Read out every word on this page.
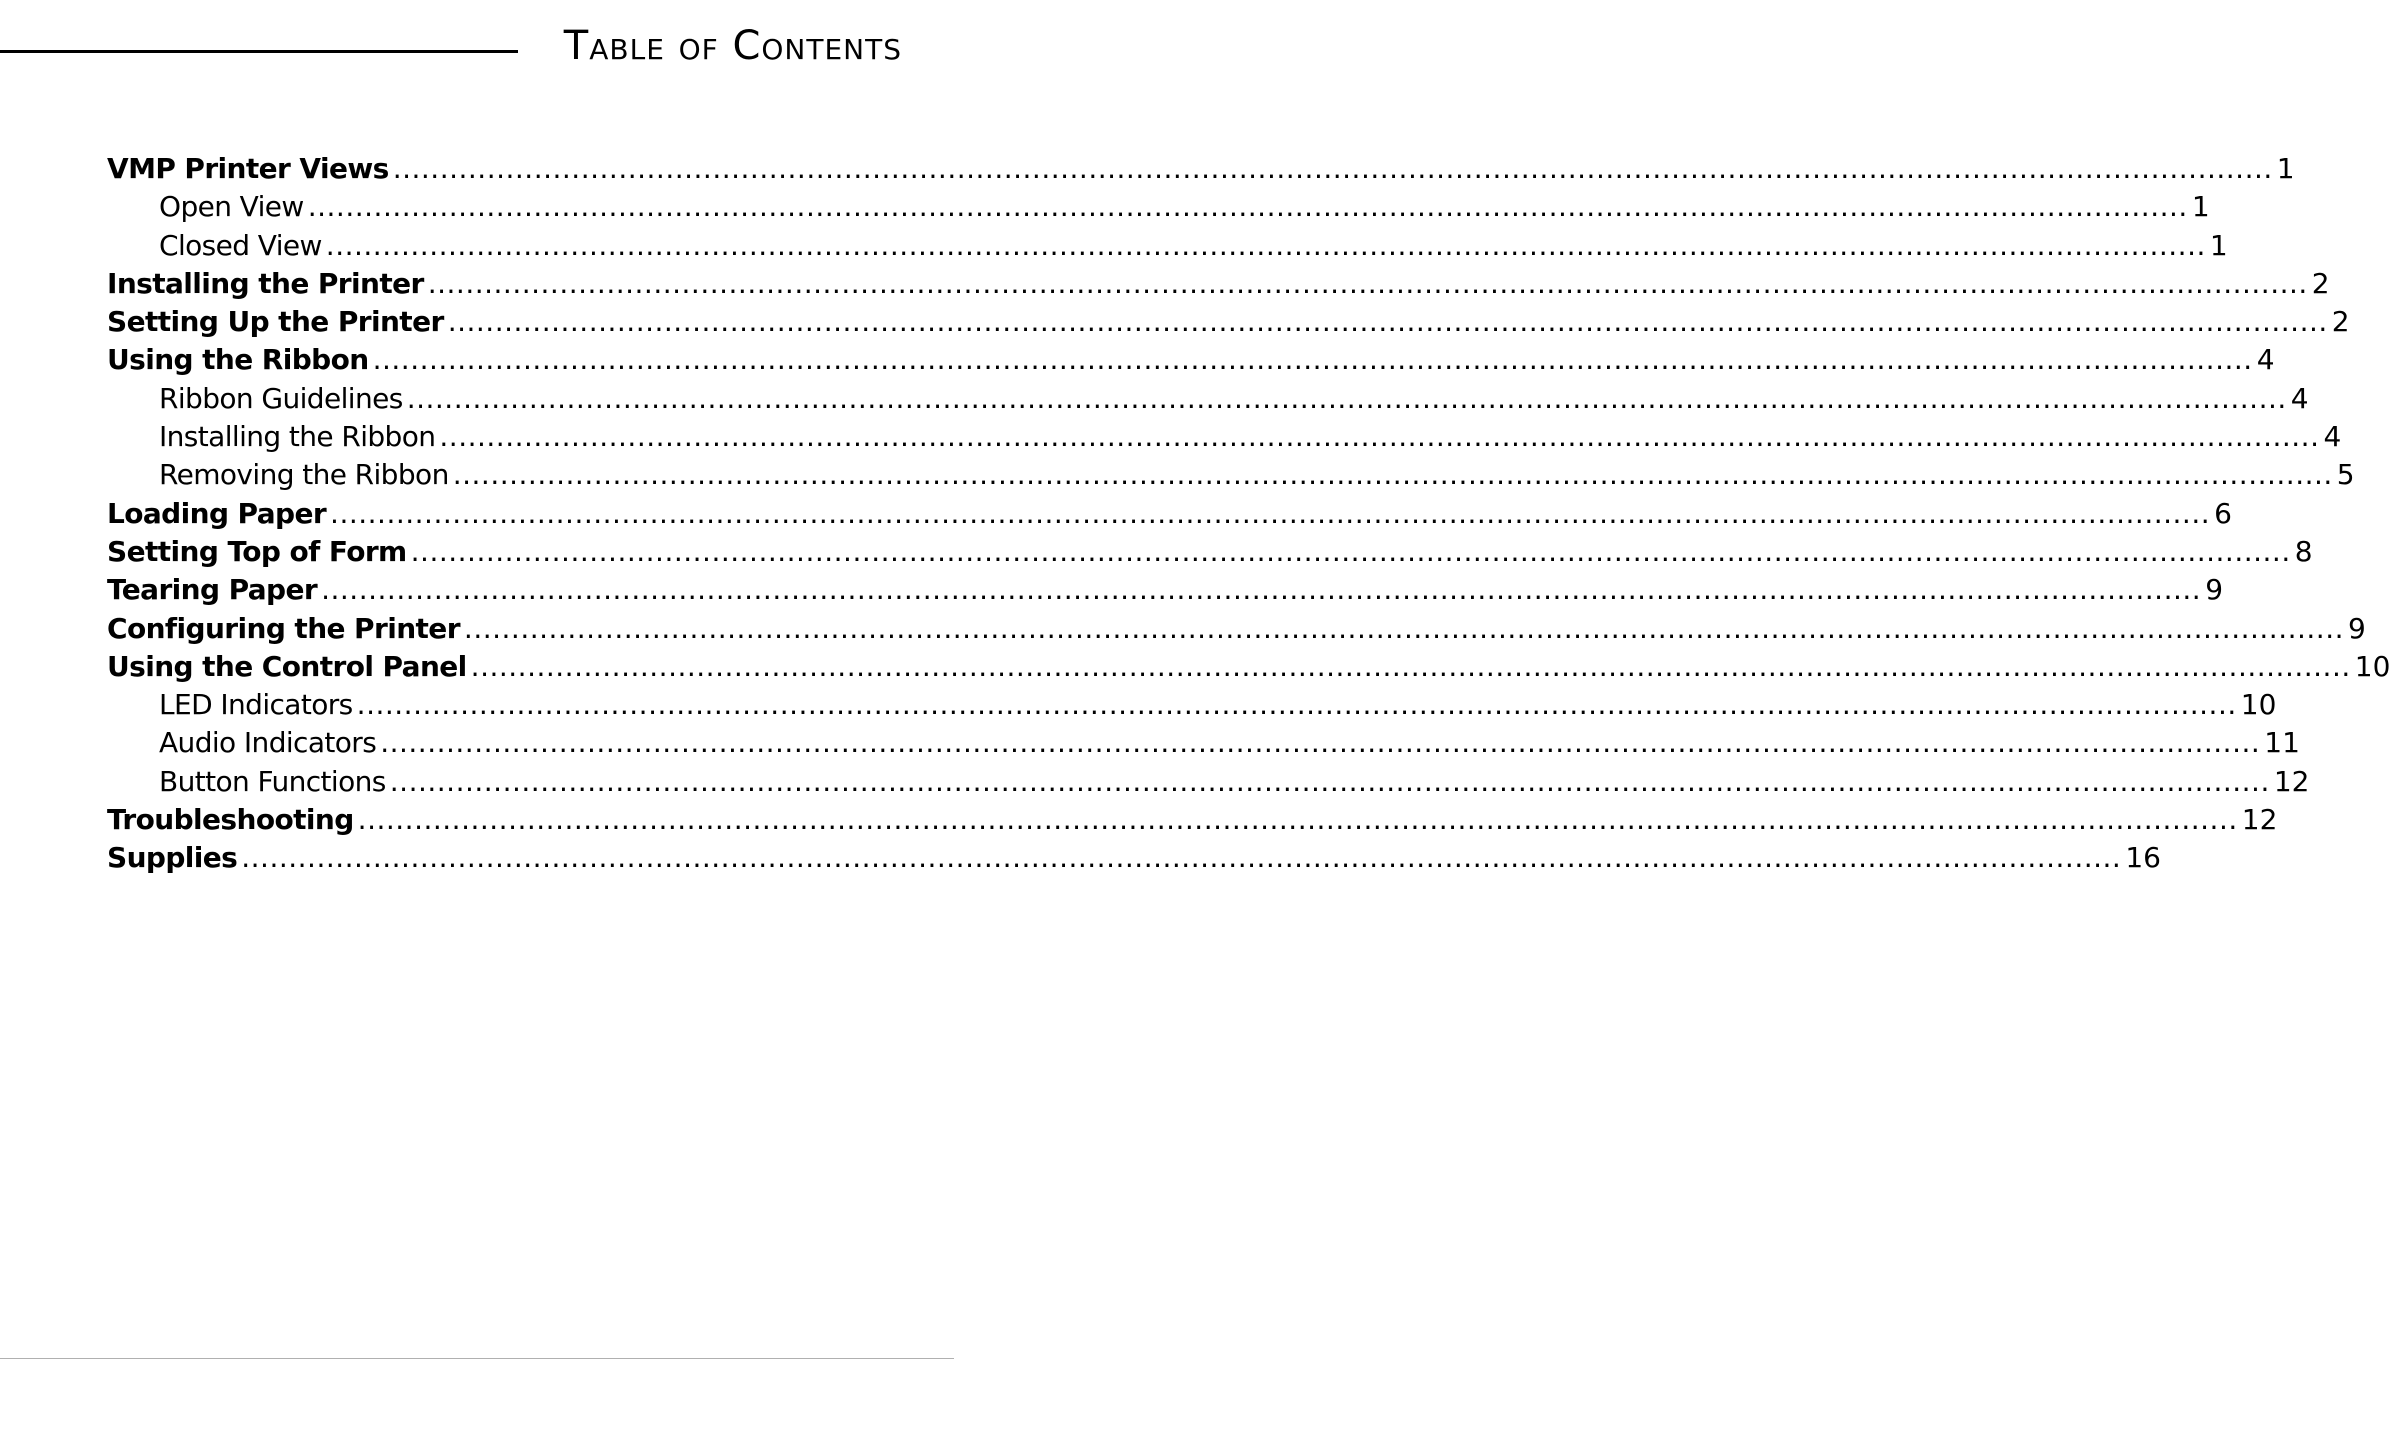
Table of Contents
VMP Printer Views ........................................................................................................................................................................................................ 1
Open View ........................................................................................................................................................................................................ 1
Closed View ........................................................................................................................................................................................................ 1
Installing the Printer ........................................................................................................................................................................................................ 2
Setting Up the Printer ........................................................................................................................................................................................................ 2
Using the Ribbon ........................................................................................................................................................................................................ 4
Ribbon Guidelines ........................................................................................................................................................................................................ 4
Installing the Ribbon ........................................................................................................................................................................................................ 4
Removing the Ribbon ........................................................................................................................................................................................................ 5
Loading Paper ........................................................................................................................................................................................................ 6
Setting Top of Form ........................................................................................................................................................................................................ 8
Tearing Paper ........................................................................................................................................................................................................ 9
Configuring the Printer ........................................................................................................................................................................................................ 9
Using the Control Panel ........................................................................................................................................................................................................ 10
LED Indicators ........................................................................................................................................................................................................ 10
Audio Indicators ........................................................................................................................................................................................................ 11
Button Functions ........................................................................................................................................................................................................ 12
Troubleshooting ........................................................................................................................................................................................................ 12
Supplies ........................................................................................................................................................................................................ 16
